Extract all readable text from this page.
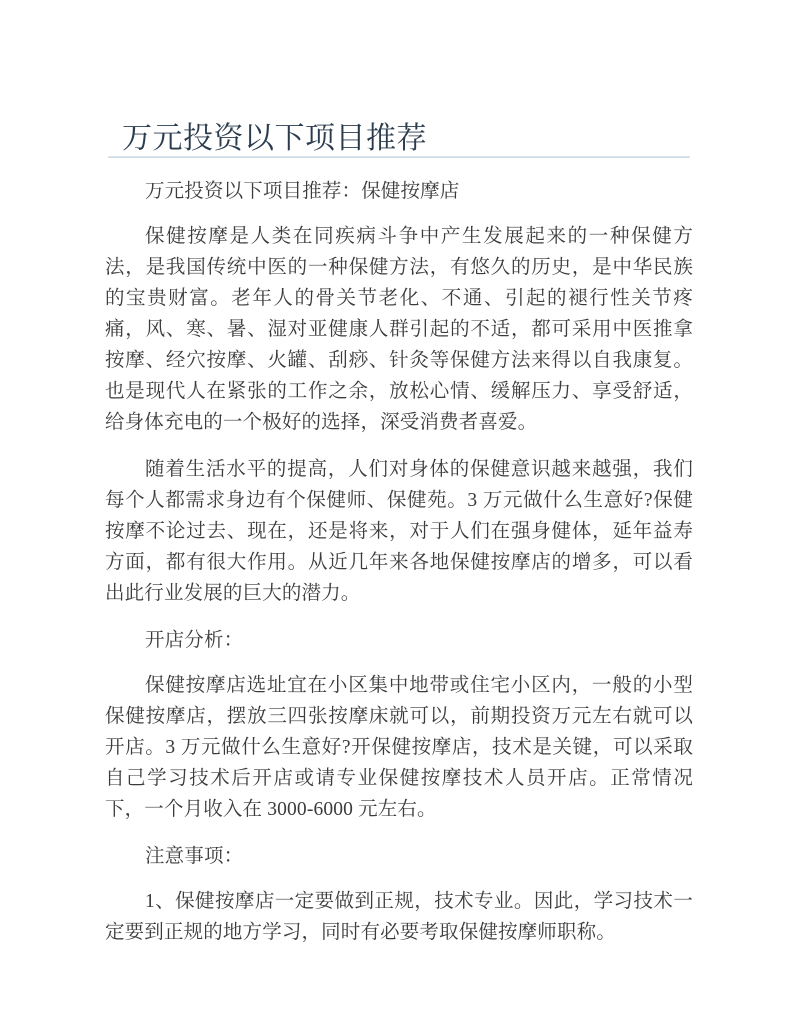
万元投资以下项目推荐

万元投资以下项目推荐：保健按摩店

保健按摩是人类在同疾病斗争中产生发展起来的一种保健方法，是我国传统中医的一种保健方法，有悠久的历史，是中华民族的宝贵财富。老年人的骨关节老化、不通、引起的褪行性关节疼痛，风、寒、暑、湿对亚健康人群引起的不适，都可采用中医推拿按摩、经穴按摩、火罐、刮痧、针灸等保健方法来得以自我康复。也是现代人在紧张的工作之余，放松心情、缓解压力、享受舒适，给身体充电的一个极好的选择，深受消费者喜爱。

随着生活水平的提高，人们对身体的保健意识越来越强，我们每个人都需求身边有个保健师、保健苑。3 万元做什么生意好?保健按摩不论过去、现在，还是将来，对于人们在强身健体，延年益寿方面，都有很大作用。从近几年来各地保健按摩店的增多，可以看出此行业发展的巨大的潜力。

开店分析：

保健按摩店选址宜在小区集中地带或住宅小区内，一般的小型保健按摩店，摆放三四张按摩床就可以，前期投资万元左右就可以开店。3 万元做什么生意好?开保健按摩店，技术是关键，可以采取自己学习技术后开店或请专业保健按摩技术人员开店。正常情况下，一个月收入在 3000-6000 元左右。

注意事项：

1、保健按摩店一定要做到正规，技术专业。因此，学习技术一定要到正规的地方学习，同时有必要考取保健按摩师职称。
